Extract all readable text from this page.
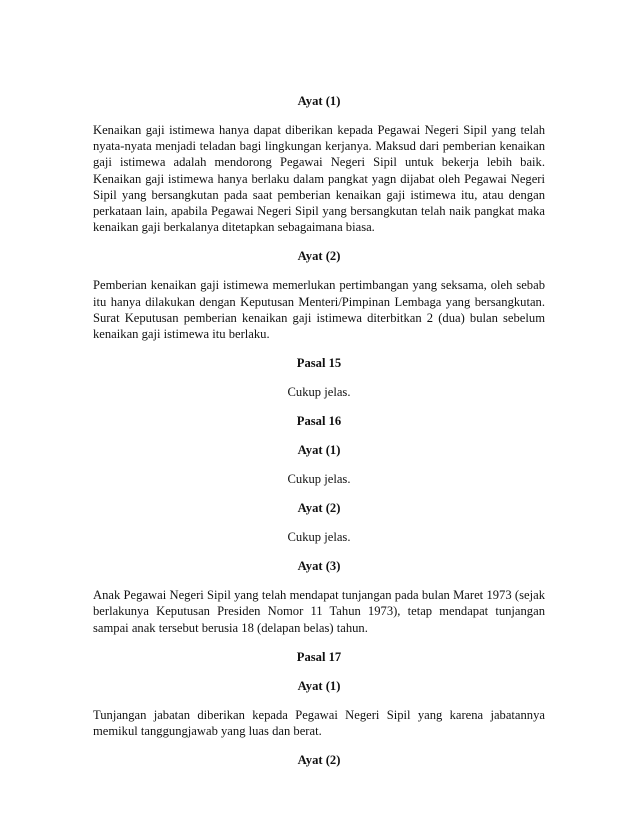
Ayat (1)

Kenaikan gaji istimewa hanya dapat diberikan kepada Pegawai Negeri Sipil yang telah nyata-nyata menjadi teladan bagi lingkungan kerjanya. Maksud dari pemberian kenaikan gaji istimewa adalah mendorong Pegawai Negeri Sipil untuk bekerja lebih baik. Kenaikan gaji istimewa hanya berlaku dalam pangkat yagn dijabat oleh Pegawai Negeri Sipil yang bersangkutan pada saat pemberian kenaikan gaji istimewa itu, atau dengan perkataan lain, apabila Pegawai Negeri Sipil yang bersangkutan telah naik pangkat maka kenaikan gaji berkalanya ditetapkan sebagaimana biasa.

Ayat (2)

Pemberian kenaikan gaji istimewa memerlukan pertimbangan yang seksama, oleh sebab itu hanya dilakukan dengan Keputusan Menteri/Pimpinan Lembaga yang bersangkutan. Surat Keputusan pemberian kenaikan gaji istimewa diterbitkan 2 (dua) bulan sebelum kenaikan gaji istimewa itu berlaku.

Pasal 15

Cukup jelas.

Pasal 16

Ayat (1)

Cukup jelas.

Ayat (2)

Cukup jelas.

Ayat (3)

Anak Pegawai Negeri Sipil yang telah mendapat tunjangan pada bulan Maret 1973 (sejak berlakunya Keputusan Presiden Nomor 11 Tahun 1973), tetap mendapat tunjangan sampai anak tersebut berusia 18 (delapan belas) tahun.

Pasal 17

Ayat (1)

Tunjangan jabatan diberikan kepada Pegawai Negeri Sipil yang karena jabatannya memikul tanggungjawab yang luas dan berat.

Ayat (2)
